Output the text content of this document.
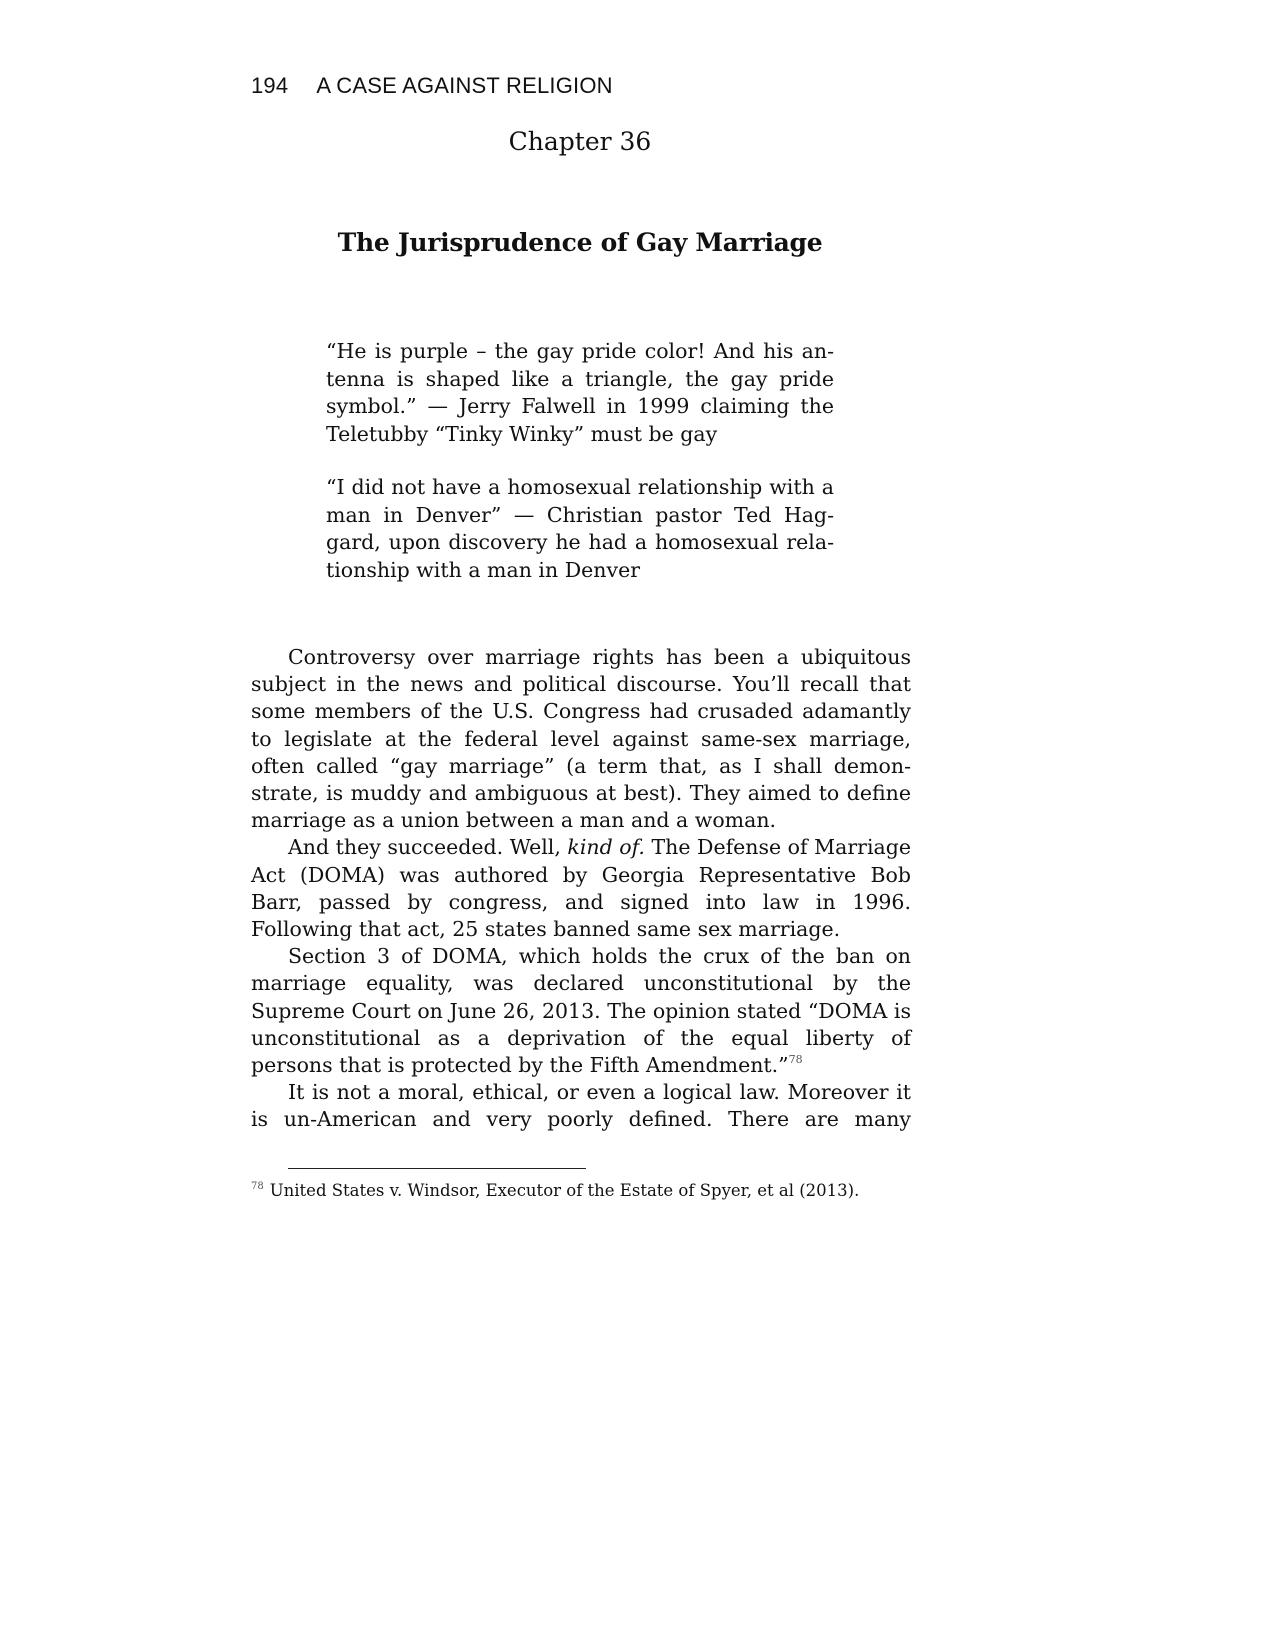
194 A CASE AGAINST RELIGION
Chapter 36
The Jurisprudence of Gay Marriage
“He is purple – the gay pride color! And his antenna is shaped like a triangle, the gay pride symbol.” — Jerry Falwell in 1999 claiming the Teletubby “Tinky Winky” must be gay
“I did not have a homosexual relationship with a man in Denver” — Christian pastor Ted Haggard, upon discovery he had a homosexual relationship with a man in Denver

Controversy over marriage rights has been a ubiquitous subject in the news and political discourse. You’ll recall that some members of the U.S. Congress had crusaded adamantly to legislate at the federal level against same-sex marriage, often called “gay marriage” (a term that, as I shall demonstrate, is muddy and ambiguous at best). They aimed to define marriage as a union between a man and a woman.

And they succeeded. Well, kind of. The Defense of Marriage Act (DOMA) was authored by Georgia Representative Bob Barr, passed by congress, and signed into law in 1996. Following that act, 25 states banned same sex marriage.

Section 3 of DOMA, which holds the crux of the ban on marriage equality, was declared unconstitutional by the Supreme Court on June 26, 2013. The opinion stated “DOMA is unconstitutional as a deprivation of the equal liberty of persons that is protected by the Fifth Amendment.”$^{78}$

It is not a moral, ethical, or even a logical law. Moreover it is un-American and very poorly defined. There are many

$^{78}$ United States v. Windsor, Executor of the Estate of Spyer, et al (2013).
